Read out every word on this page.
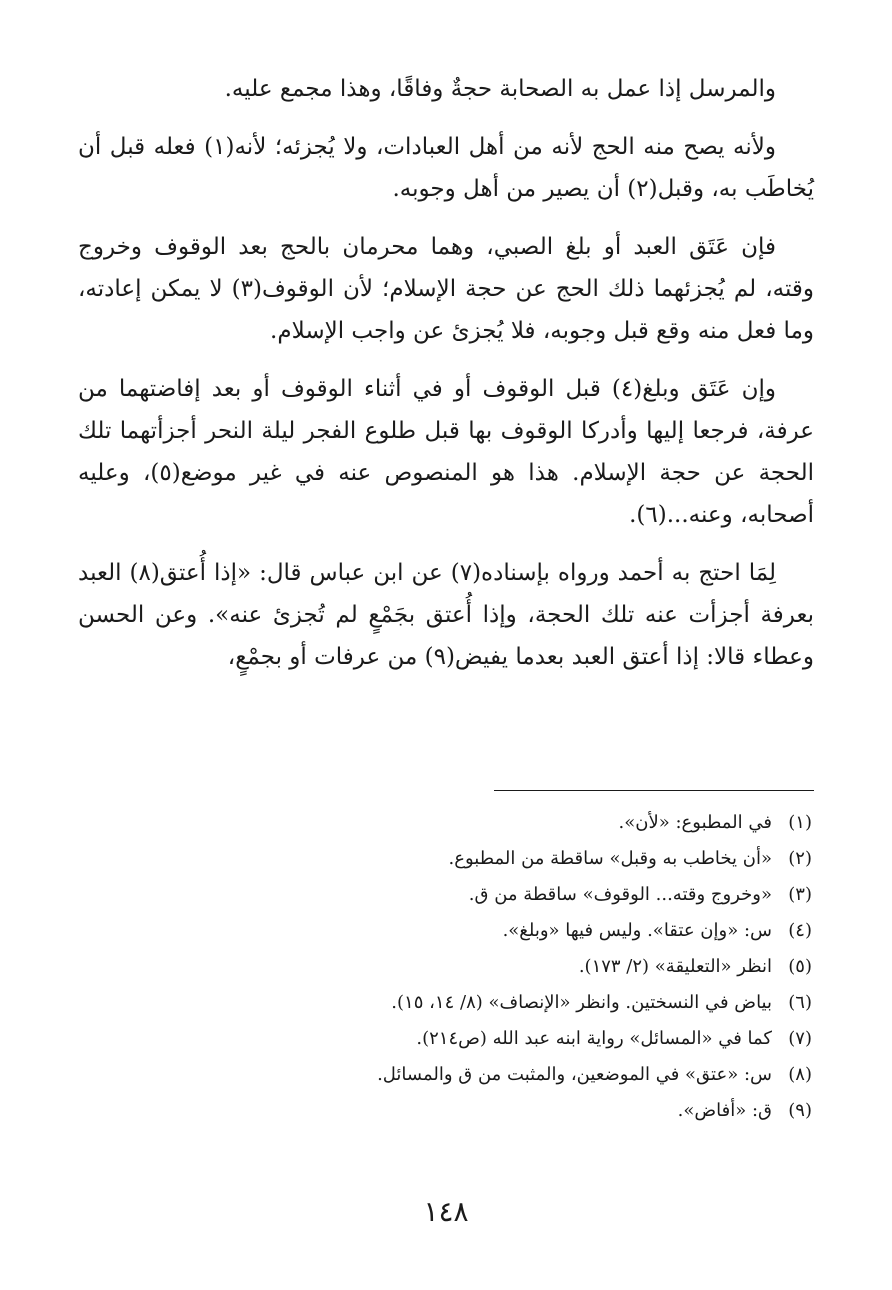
والمرسل إذا عمل به الصحابة حجةٌ وفاقًا، وهذا مجمع عليه.

ولأنه يصح منه الحج لأنه من أهل العبادات، ولا يُجزئه؛ لأنه(١) فعله قبل أن يُخاطَب به، وقبل(٢) أن يصير من أهل وجوبه.

فإن عَتَق العبد أو بلغ الصبي، وهما محرمان بالحج بعد الوقوف وخروج وقته، لم يُجزئهما ذلك الحج عن حجة الإسلام؛ لأن الوقوف(٣) لا يمكن إعادته، وما فعل منه وقع قبل وجوبه، فلا يُجزئ عن واجب الإسلام.

وإن عَتَق وبلغ(٤) قبل الوقوف أو في أثناء الوقوف أو بعد إفاضتهما من عرفة، فرجعا إليها وأدركا الوقوف بها قبل طلوع الفجر ليلة النحر أجزأتهما تلك الحجة عن حجة الإسلام. هذا هو المنصوص عنه في غير موضع(٥)، وعليه أصحابه، وعنه...(٦).

لِمَا احتج به أحمد ورواه بإسناده(٧) عن ابن عباس قال: «إذا أُعتق(٨) العبد بعرفة أجزأت عنه تلك الحجة، وإذا أُعتق بجَمْعٍ لم تُجزئ عنه». وعن الحسن وعطاء قالا: إذا أعتق العبد بعدما يفيض(٩) من عرفات أو بجمْعٍ،

(١)
في المطبوع: «لأن».
(٢)
«أن يخاطب به وقبل» ساقطة من المطبوع.
(٣)
«وخروج وقته... الوقوف» ساقطة من ق.
(٤)
س: «وإن عتقا». وليس فيها «وبلغ».
(٥)
انظر «التعليقة» (٢/ ١٧٣).
(٦)
بياض في النسختين. وانظر «الإنصاف» (٨/ ١٤، ١٥).
(٧)
كما في «المسائل» رواية ابنه عبد الله (ص٢١٤).
(٨)
س: «عتق» في الموضعين، والمثبت من ق والمسائل.
(٩)
ق: «أفاض».
١٤٨
